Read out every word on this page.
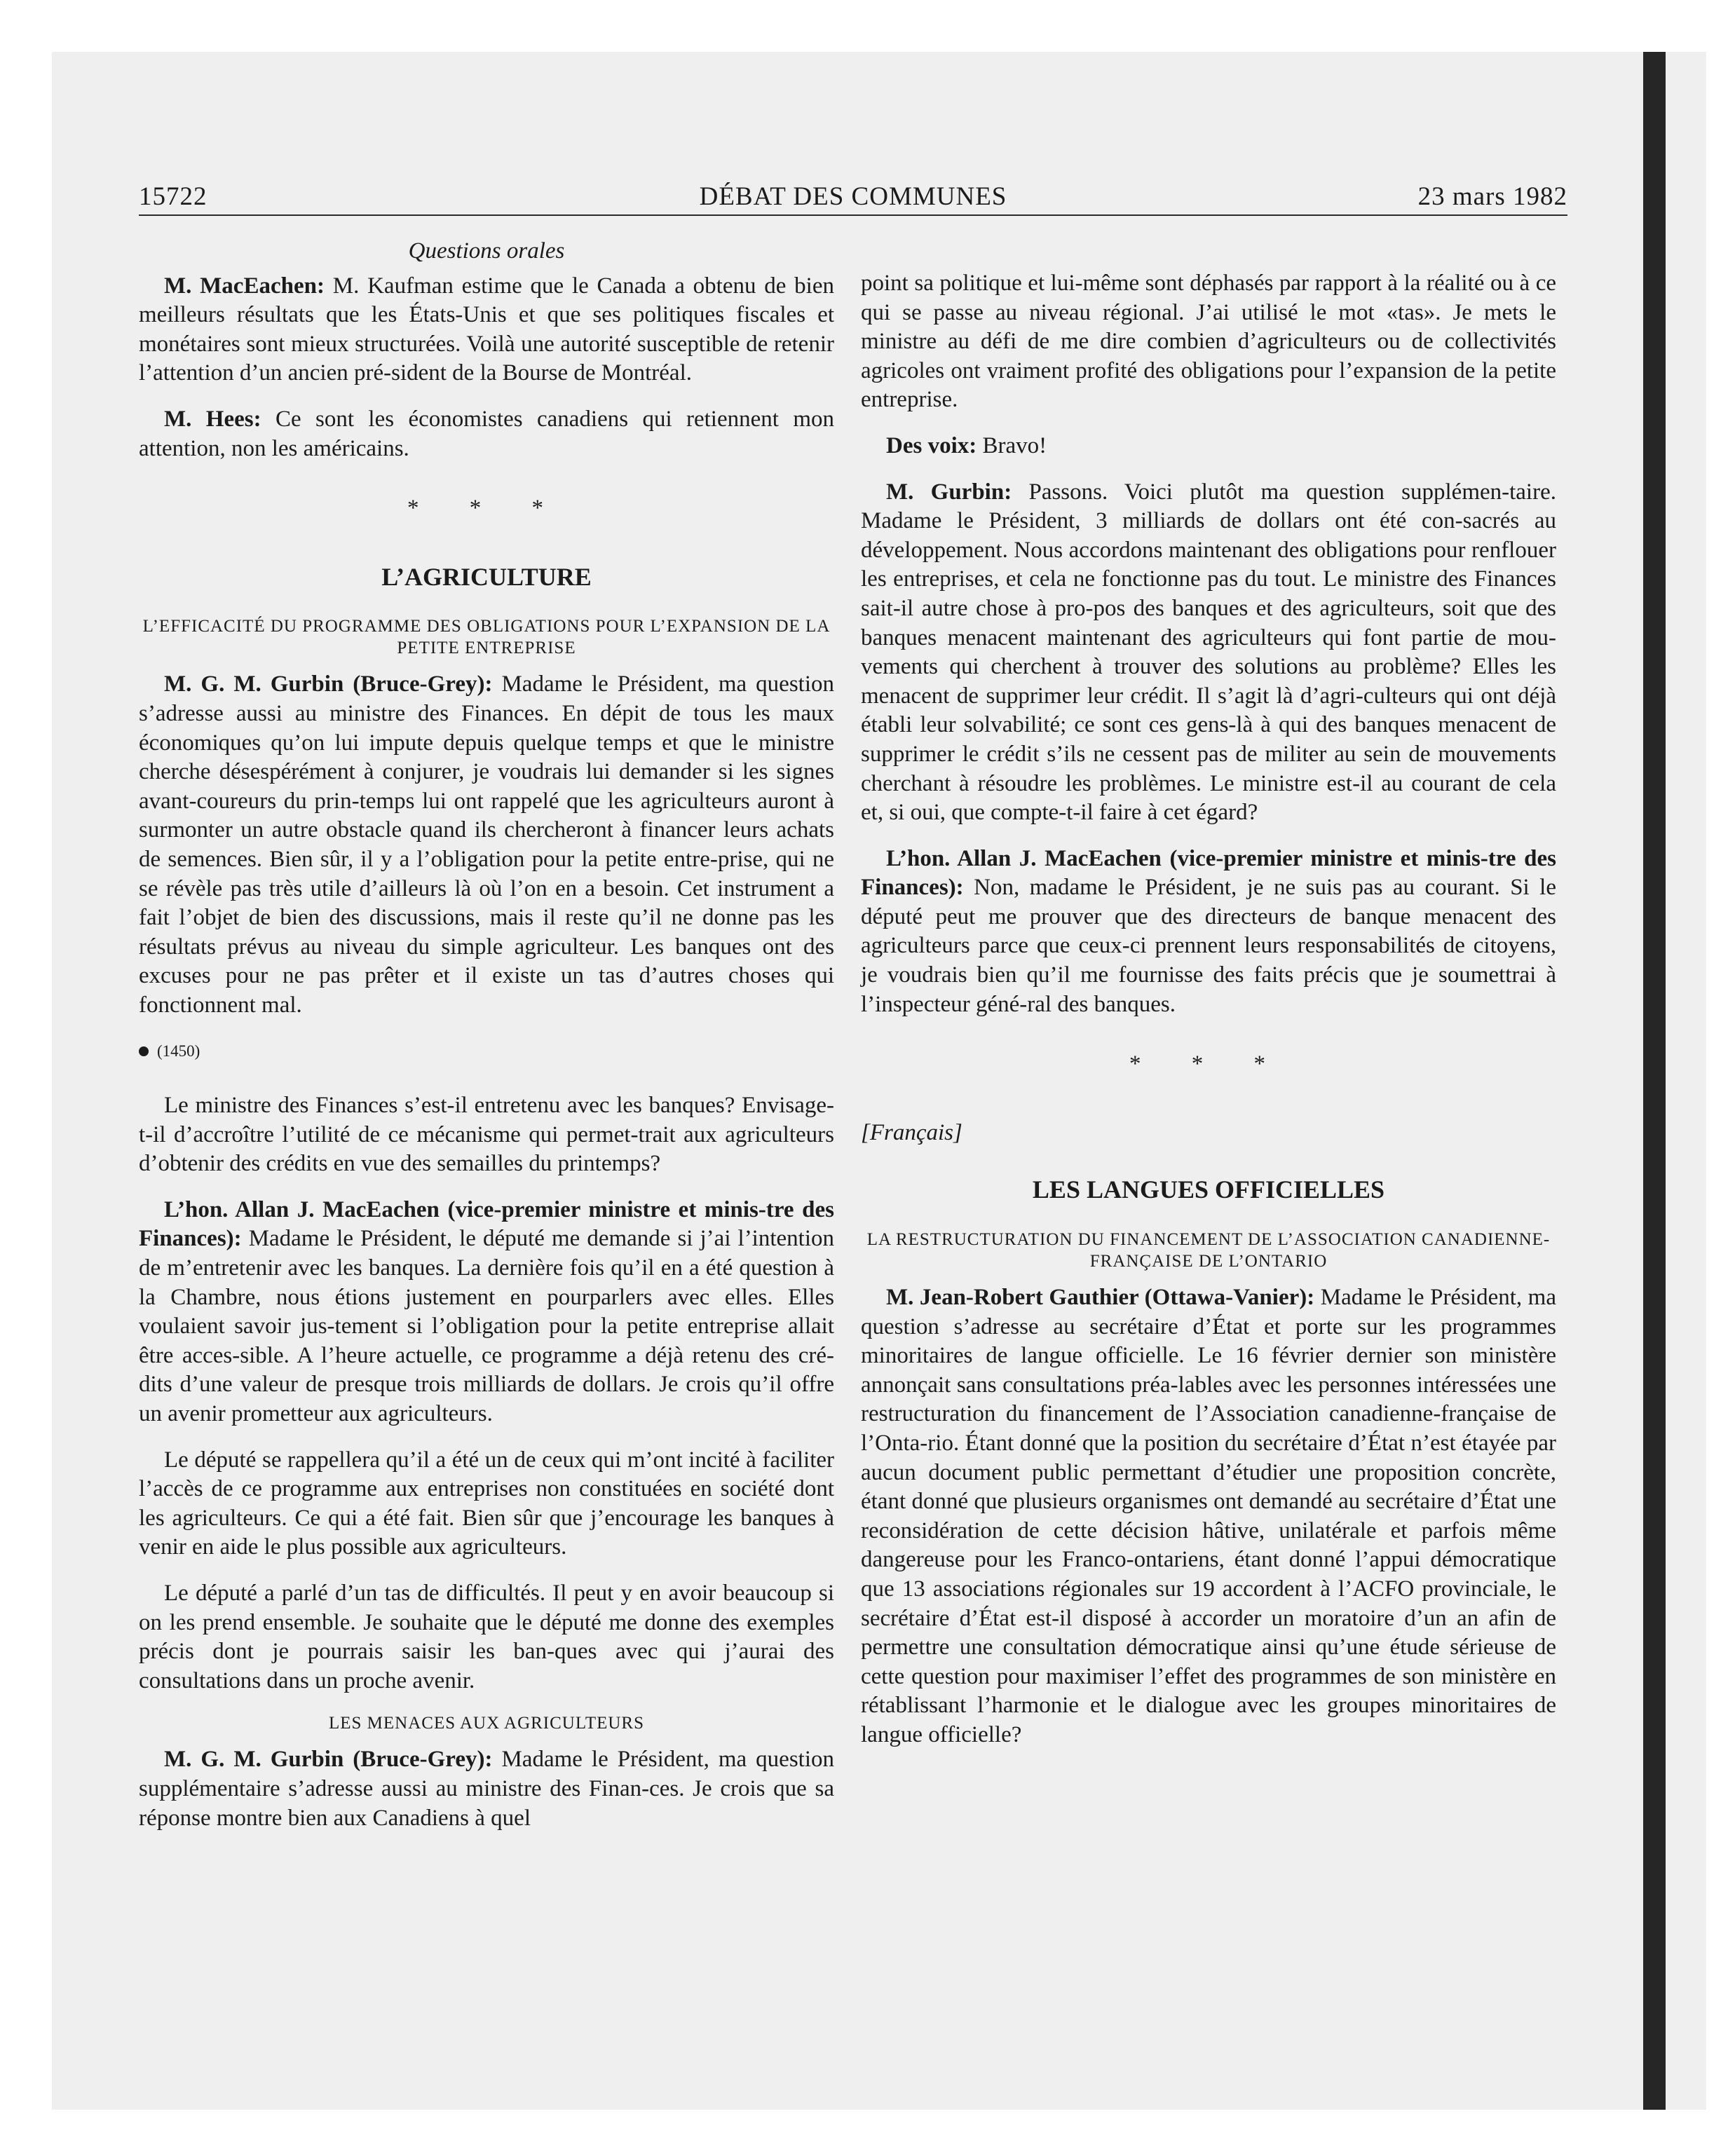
15722	DÉBAT DES COMMUNES	23 mars 1982
Questions orales

M. MacEachen: M. Kaufman estime que le Canada a obtenu de bien meilleurs résultats que les États-Unis et que ses politiques fiscales et monétaires sont mieux structurées. Voilà une autorité susceptible de retenir l’attention d’un ancien pré-sident de la Bourse de Montréal.

M. Hees: Ce sont les économistes canadiens qui retiennent mon attention, non les américains.

* * *
L’AGRICULTURE
L’EFFICACITÉ DU PROGRAMME DES OBLIGATIONS POUR L’EXPANSION DE LA PETITE ENTREPRISE

M. G. M. Gurbin (Bruce-Grey): Madame le Président, ma question s’adresse aussi au ministre des Finances. En dépit de tous les maux économiques qu’on lui impute depuis quelque temps et que le ministre cherche désespérément à conjurer, je voudrais lui demander si les signes avant-coureurs du prin-temps lui ont rappelé que les agriculteurs auront à surmonter un autre obstacle quand ils chercheront à financer leurs achats de semences. Bien sûr, il y a l’obligation pour la petite entre-prise, qui ne se révèle pas très utile d’ailleurs là où l’on en a besoin. Cet instrument a fait l’objet de bien des discussions, mais il reste qu’il ne donne pas les résultats prévus au niveau du simple agriculteur. Les banques ont des excuses pour ne pas prêter et il existe un tas d’autres choses qui fonctionnent mal.

(1450)

Le ministre des Finances s’est-il entretenu avec les banques? Envisage-t-il d’accroître l’utilité de ce mécanisme qui permet-trait aux agriculteurs d’obtenir des crédits en vue des semailles du printemps?

L’hon. Allan J. MacEachen (vice-premier ministre et minis-tre des Finances): Madame le Président, le député me demande si j’ai l’intention de m’entretenir avec les banques. La dernière fois qu’il en a été question à la Chambre, nous étions justement en pourparlers avec elles. Elles voulaient savoir jus-tement si l’obligation pour la petite entreprise allait être acces-sible. A l’heure actuelle, ce programme a déjà retenu des cré-dits d’une valeur de presque trois milliards de dollars. Je crois qu’il offre un avenir prometteur aux agriculteurs.

Le député se rappellera qu’il a été un de ceux qui m’ont incité à faciliter l’accès de ce programme aux entreprises non constituées en société dont les agriculteurs. Ce qui a été fait. Bien sûr que j’encourage les banques à venir en aide le plus possible aux agriculteurs.

Le député a parlé d’un tas de difficultés. Il peut y en avoir beaucoup si on les prend ensemble. Je souhaite que le député me donne des exemples précis dont je pourrais saisir les ban-ques avec qui j’aurai des consultations dans un proche avenir.

LES MENACES AUX AGRICULTEURS

M. G. M. Gurbin (Bruce-Grey): Madame le Président, ma question supplémentaire s’adresse aussi au ministre des Finan-ces. Je crois que sa réponse montre bien aux Canadiens à quel

point sa politique et lui-même sont déphasés par rapport à la réalité ou à ce qui se passe au niveau régional. J’ai utilisé le mot «tas». Je mets le ministre au défi de me dire combien d’agriculteurs ou de collectivités agricoles ont vraiment profité des obligations pour l’expansion de la petite entreprise.

Des voix: Bravo!

M. Gurbin: Passons. Voici plutôt ma question supplémen-taire. Madame le Président, 3 milliards de dollars ont été con-sacrés au développement. Nous accordons maintenant des obligations pour renflouer les entreprises, et cela ne fonctionne pas du tout. Le ministre des Finances sait-il autre chose à pro-pos des banques et des agriculteurs, soit que des banques menacent maintenant des agriculteurs qui font partie de mou-vements qui cherchent à trouver des solutions au problème? Elles les menacent de supprimer leur crédit. Il s’agit là d’agri-culteurs qui ont déjà établi leur solvabilité; ce sont ces gens-là à qui des banques menacent de supprimer le crédit s’ils ne cessent pas de militer au sein de mouvements cherchant à résoudre les problèmes. Le ministre est-il au courant de cela et, si oui, que compte-t-il faire à cet égard?

L’hon. Allan J. MacEachen (vice-premier ministre et minis-tre des Finances): Non, madame le Président, je ne suis pas au courant. Si le député peut me prouver que des directeurs de banque menacent des agriculteurs parce que ceux-ci prennent leurs responsabilités de citoyens, je voudrais bien qu’il me fournisse des faits précis que je soumettrai à l’inspecteur géné-ral des banques.

* * *
[Français]
LES LANGUES OFFICIELLES
LA RESTRUCTURATION DU FINANCEMENT DE L’ASSOCIATION CANADIENNE-FRANÇAISE DE L’ONTARIO

M. Jean-Robert Gauthier (Ottawa-Vanier): Madame le Président, ma question s’adresse au secrétaire d’État et porte sur les programmes minoritaires de langue officielle. Le 16 février dernier son ministère annonçait sans consultations préa-lables avec les personnes intéressées une restructuration du financement de l’Association canadienne-française de l’Onta-rio. Étant donné que la position du secrétaire d’État n’est étayée par aucun document public permettant d’étudier une proposition concrète, étant donné que plusieurs organismes ont demandé au secrétaire d’État une reconsidération de cette décision hâtive, unilatérale et parfois même dangereuse pour les Franco-ontariens, étant donné l’appui démocratique que 13 associations régionales sur 19 accordent à l’ACFO provinciale, le secrétaire d’État est-il disposé à accorder un moratoire d’un an afin de permettre une consultation démocratique ainsi qu’une étude sérieuse de cette question pour maximiser l’effet des programmes de son ministère en rétablissant l’harmonie et le dialogue avec les groupes minoritaires de langue officielle?
